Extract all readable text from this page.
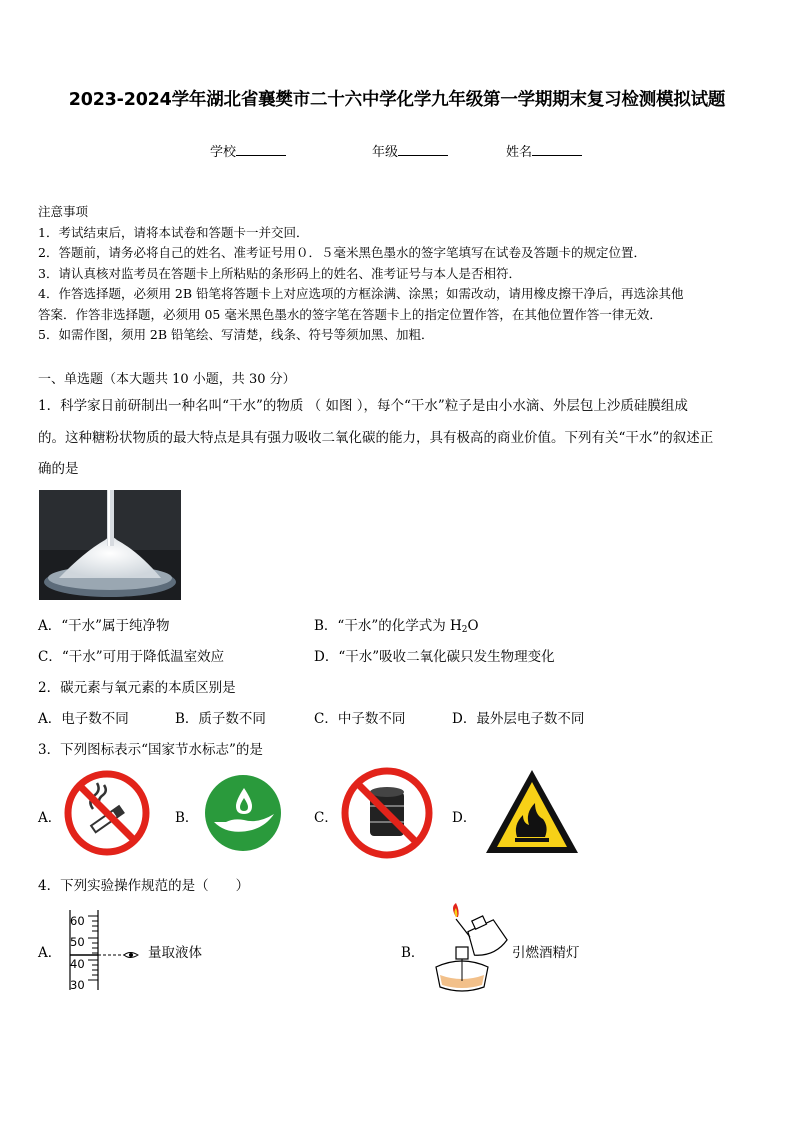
2023-2024学年湖北省襄樊市二十六中学化学九年级第一学期期末复习检测模拟试题
学校	年级	姓名
注意事项
1．考试结束后，请将本试卷和答题卡一并交回．
2．答题前，请务必将自己的姓名、准考证号用０．５毫米黑色墨水的签字笔填写在试卷及答题卡的规定位置．
3．请认真核对监考员在答题卡上所粘贴的条形码上的姓名、准考证号与本人是否相符．
4．作答选择题，必须用 2B 铅笔将答题卡上对应选项的方框涂满、涂黑；如需改动，请用橡皮擦干净后，再选涂其他
答案．作答非选择题，必须用 05 毫米黑色墨水的签字笔在答题卡上的指定位置作答，在其他位置作答一律无效．
5．如需作图，须用 2B 铅笔绘、写清楚，线条、符号等须加黑、加粗．
一、单选题（本大题共 10 小题，共 30 分）
1．科学家日前研制出一种名叫“干水”的物质 （ 如图 ），每个“干水”粒子是由小水滴、外层包上沙质硅膜组成
的。这种糖粉状物质的最大特点是具有强力吸收二氧化碳的能力，具有极高的商业价值。下列有关“干水”的叙述正
确的是
A．“干水”属于纯净物	B．“干水”的化学式为 $H_2O$
C．“干水”可用于降低温室效应	D．“干水”吸收二氧化碳只发生物理变化
2．碳元素与氧元素的本质区别是
A．电子数不同	B．质子数不同	C．中子数不同	D．最外层电子数不同
3．下列图标表示“国家节水标志”的是
A．	B．	C．	D．
4．下列实验操作规范的是（　　）
A．
60
50
40
30
量取液体	B．	引燃酒精灯
